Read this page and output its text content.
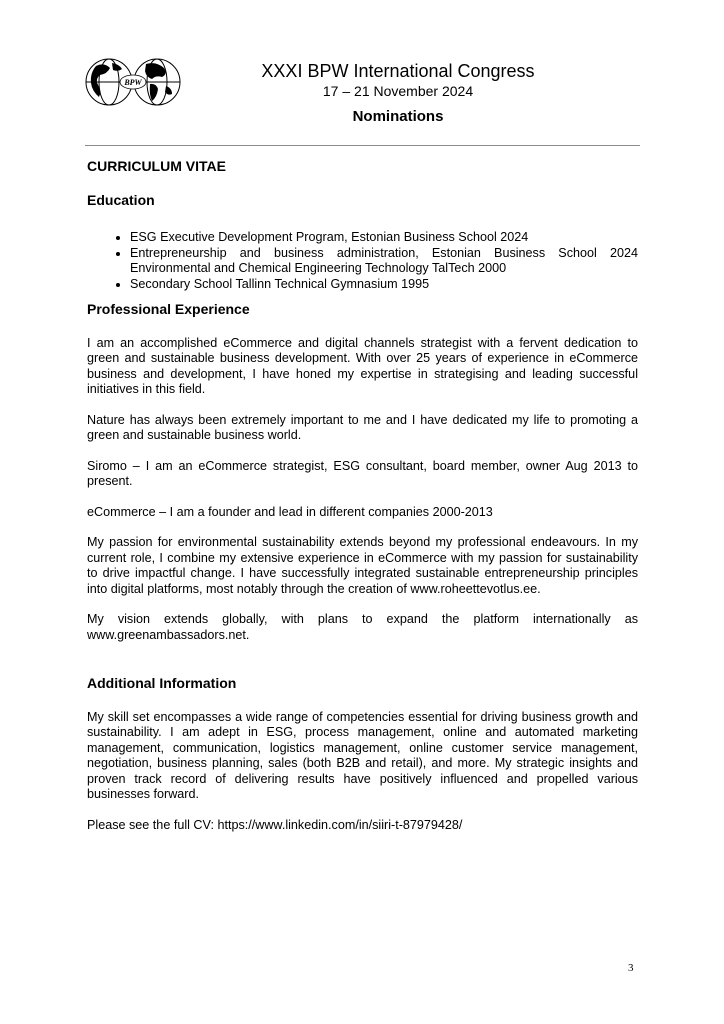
BPW
XXXI BPW International Congress
17 – 21 November 2024
Nominations
CURRICULUM VITAE
Education
• ESG Executive Development Program, Estonian Business School 2024
• Entrepreneurship and business administration, Estonian Business School 2024 Environmental and Chemical Engineering Technology TalTech 2000
• Secondary School Tallinn Technical Gymnasium 1995
Professional Experience

I am an accomplished eCommerce and digital channels strategist with a fervent dedication to green and sustainable business development. With over 25 years of experience in eCommerce business and development, I have honed my expertise in strategising and leading successful initiatives in this field.

Nature has always been extremely important to me and I have dedicated my life to promoting a green and sustainable business world.

Siromo – I am an eCommerce strategist, ESG consultant, board member, owner Aug 2013 to present.

eCommerce – I am a founder and lead in different companies 2000-2013

My passion for environmental sustainability extends beyond my professional endeavours. In my current role, I combine my extensive experience in eCommerce with my passion for sustainability to drive impactful change. I have successfully integrated sustainable entrepreneurship principles into digital platforms, most notably through the creation of www.roheettevotlus.ee.

My vision extends globally, with plans to expand the platform internationally as www.greenambassadors.net.

Additional Information

My skill set encompasses a wide range of competencies essential for driving business growth and sustainability. I am adept in ESG, process management, online and automated marketing management, communication, logistics management, online customer service management, negotiation, business planning, sales (both B2B and retail), and more. My strategic insights and proven track record of delivering results have positively influenced and propelled various businesses forward.

Please see the full CV: https://www.linkedin.com/in/siiri-t-87979428/

3
